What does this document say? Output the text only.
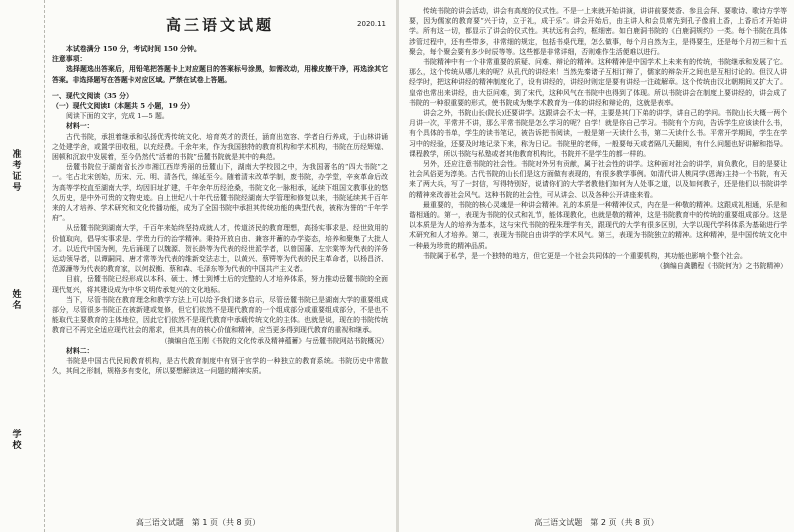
准考证号
姓名
学校
高三语文试题	2020.11

本试卷满分 150 分，考试时间 150 分钟。

注意事项：

选择题选出答案后，用铅笔把答题卡上对应题目的答案标号涂黑，如需改动，用橡皮擦干净，再选涂其它答案。非选择题写在答题卡对应区域。严禁在试卷上答题。

一、现代文阅读（35 分）

（一）现代文阅读Ⅰ（本题共 5 小题，19 分）

阅读下面的文字，完成 1—5 题。

材料一：

古代书院，承担着继承和弘扬优秀传统文化、培育英才的责任，涵育出宽容、学者自行养成，于山林讲诵之处建学舍，或置学田收租，以充经费。千余年来，作为我国独特的教育机构和学术机构，书院在历经辉煌、困顿和沉寂中发展着，至今仍然代“活着的书院”岳麓书院就是其中的典范。

岳麓书院位于湖南省长沙市湘江西岸秀丽的岳麓山下，湖南大学校园之中，为我国著名的“四大书院”之一。宅占北宋创始，历宋、元、明、清各代，绵延至今。随着清末改革学制，废书院，办学堂，辛亥革命后改为高等学校直至湖南大学，均因旧址扩建，千年余年历经沧桑，书院文化一脉相承，延续下组国文教事业的悠久历史，是中外可贵的文物史迹。自上世纪八十年代岳麓书院经湖南大学管理和修复以来，书院延续其千百年来的人才培养、学术研究和文化传播功能，成为了全国书院中承担其传统功能的典型代表，被称为誉的“千年学府”。

从岳麓书院到湖南大学，千百年来始终坚持成就人才，传道济民的教育理想，高扬实事求是、经世致用的价值取向，倡导实事求是、学贵力行的治学精神。秉持开放自由、兼容并蓄的办学姿态，培养和聚集了大批人才。以近代中国为例，先后涌现了以魏源、贺长龄等为代表的经世派学者，以曾国藩、左宗棠等为代表的洋务运动领导者，以谭嗣同、唐才常等为代表的维新变法志士，以黄兴、蔡锷等为代表的民主革命者，以杨昌济、范源濂等为代表的教育家，以何叔衡、蔡和森、毛泽东等为代表的中国共产主义者。

目前，岳麓书院已经形成以本科、硕士、博士到博士后的完整的人才培养体系，努力推动岳麓书院的全面现代复兴，将其建设成为中华文明传承复兴的文化地标。

当下，尽管书院在教育理念和教学方法上可以给予我们诸多启示，尽管岳麓书院已是湖南大学的重要组成部分，尽管很多书院正在被新建或复修，但它们依然不是现代教育的一个组成部分或重要组成部分，不是也不能取代主要教育的主体地位，因此它们依然不是现代教育中承载传统文化的主体。也就是说，现在的书院传统教育已不再完全适应现代社会的需求，但其具有的核心价值和精神，应当更多得到现代教育的重视和继承。

（摘编自范玉刚《书院的文化传承及精神蕴蓄》与岳麓书院网站书院概况）

材料二：

书院是中国古代民间教育机构，是古代教育制度中有别于官学的一种独立的教育系统。书院历史中常散久，其间之形制，规格多有变化，所以要想解读这一问题的精神实质。

高三语文试题　第 1 页（共 8 页）

传统书院的讲会活动，讲会有高度的仪式性。不是一上来就开始讲演，讲讲前要焚香、参且会拜、要歌诗、歌诗方学等要，因为儒家的教育要“兴于诗，立于礼，成于乐”。讲会开始后，由主讲人和会员席先到孔子像前上香，上香后才开始讲学。所有这一切，都显示了讲会的仪式性。其状远有会约，框细密。如白鹿洞书院的《白鹿洞规约》一类。每个书院在具体涉管过程中，还有些带多，非常细的规定，包括书桌代理，怎么做事，每个月自然为主，是得要生，还是每个月初三和十五聚会，每个聚会要有多少时辰等等。这些都是非常详细，否则难作生活便难以进行。

书院精神中有一个非常重要的质疑、问难、辩论的精神。这种精神是中国学术上未来有的传统，书院继承和发展了它。那么，这个传统从哪儿来的呢？从孔代的讲经来！当然先秦诸子互相订辩了，儒家的辩杂开之间也是互相讨论的。但汉人讲经学时，把这种讲经的精神制度化了，设有讲经的，讲经时则定是要有讲经一注疏解章。这个传统由汉北朝期间又扩大了。皇帝也常出来讲经，由大臣问难，到了宋代，这种风气在书院中也得到了体现。所以书院讲会在制度上要讲经的，讲会成了书院的一种很重要的形式，使书院成为集学术教育为一体的讲经和辩论的，这就是表率。

讲会之外，书院山长(院长)还要讲学。这跟讲会不太一样，主要是其门下弟的讲学，讲自己的学问。书院山长大概一两个月讲一次，平常并不讲，那么平常书院是怎么学习的呢？自学！就是你自己学习。书院有个方向，告诉学生应该读什么书，有个具体的书单，学生的读书笔记，被告诉把书阅读，一般是第一天读什么书，第二天读什么书。平常开学期间，学生在学习中的经验，还要及时地记录下来，称为日记。书院里的老师，一般要每天或者隔几天翻阅，有什么问题也好讲解和指导。课程教学，所以书院与私塾或者其他教育机构比，书院并不是学生的都一样的。

另外，还应注意书院的社会性。书院对外另有贡献，属于社会性的讲学。这种面对社会的讲学，肩负教化，目的是要让社会风俗更为淳美。古代书院的山长们是这方面做有表现的，有很多教学事例。如清代讲人桃同学(恩海)主持一个书院，有天来了两大兵，写了一封信，写得特别好，说请你们的大学者教他们如何为人处事之道，以及如何教子，还是他们以书院讲学的精神来改善社会风气。这种书院的社会性，可从讲会、以及各种公开讲座来看。

最重要的，书院的核心灵魂是一种讲会精神。礼的本质是一种精神仪式，内在是一种敬的精神。这跟成礼相通，乐是和谐相通的。第一，表现为书院的仪式和礼节，能体现教化，也就是敬的精神，这是书院教育中的传统的重要组成部分。这是以本质是为人的培养为基本，这与宋代书院的程朱理学有关，跟现代的大学有很多区别，大学以现代学科体系为基础进行学术研究和人才培养。第二，表现为书院自由讲学的学术风气。第三，表现为书院独立的精神。这种精神，是中国传统文化中一种最为珍贵的精神品质。

书院属于私学，是一个独特的地方，但它更是一个社会共同体的一个重要机构，其功能也影响个整个社会。

（摘编自龚鹏程《书院何为》之书院精神）

高三语文试题　第 2 页（共 8 页）
